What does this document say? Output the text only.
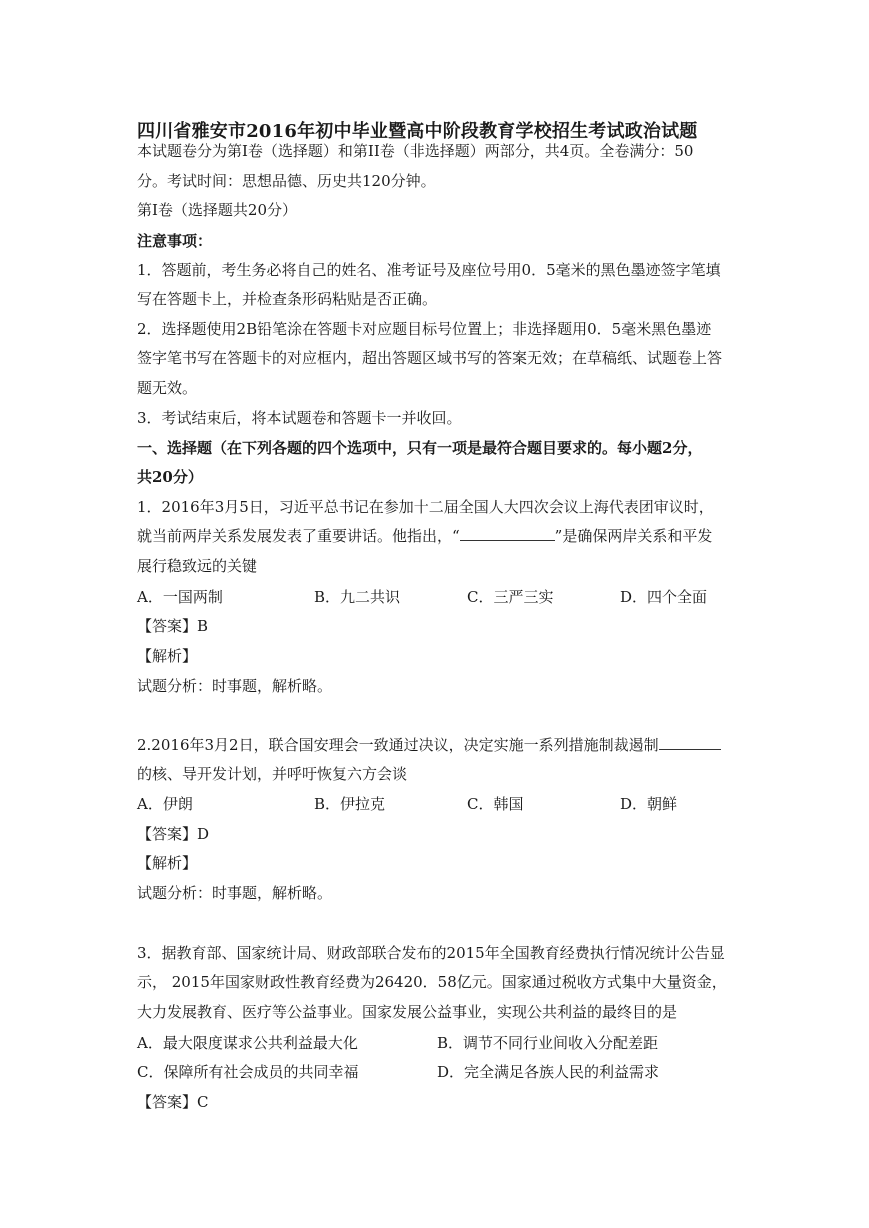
四川省雅安市2016年初中毕业暨高中阶段教育学校招生考试政治试题
本试题卷分为第Ⅰ卷（选择题）和第II卷（非选择题）两部分，共4页。全卷满分：50
分。考试时间：思想品德、历史共120分钟。
第Ⅰ卷（选择题共20分）
注意事项：
1．答题前，考生务必将自己的姓名、准考证号及座位号用0．5毫米的黑色墨迹签字笔填
写在答题卡上，并检查条形码粘贴是否正确。
2．选择题使用2B铅笔涂在答题卡对应题目标号位置上；非选择题用0．5毫米黑色墨迹
签字笔书写在答题卡的对应框内，超出答题区域书写的答案无效；在草稿纸、试题卷上答
题无效。
3．考试结束后，将本试题卷和答题卡一并收回。
一、选择题（在下列各题的四个选项中，只有一项是最符合题目要求的。每小题2分，
共20分）
1．2016年3月5日，习近平总书记在参加十二届全国人大四次会议上海代表团审议时，
就当前两岸关系发展发表了重要讲话。他指出，“	”是确保两岸关系和平发
展行稳致远的关键
A．一国两制	B．九二共识	C．三严三实	D．四个全面
【答案】B
【解析】
试题分析：时事题，解析略。
2.2016年3月2日，联合国安理会一致通过决议，决定实施一系列措施制裁遏制
的核、导开发计划，并呼吁恢复六方会谈
A．伊朗	B．伊拉克	C．韩国	D．朝鲜
【答案】D
【解析】
试题分析：时事题，解析略。
3．据教育部、国家统计局、财政部联合发布的2015年全国教育经费执行情况统计公告显
示， 2015年国家财政性教育经费为26420．58亿元。国家通过税收方式集中大量资金，
大力发展教育、医疗等公益事业。国家发展公益事业，实现公共利益的最终目的是
A．最大限度谋求公共利益最大化	B．调节不同行业间收入分配差距
C．保障所有社会成员的共同幸福	D．完全满足各族人民的利益需求
【答案】C
